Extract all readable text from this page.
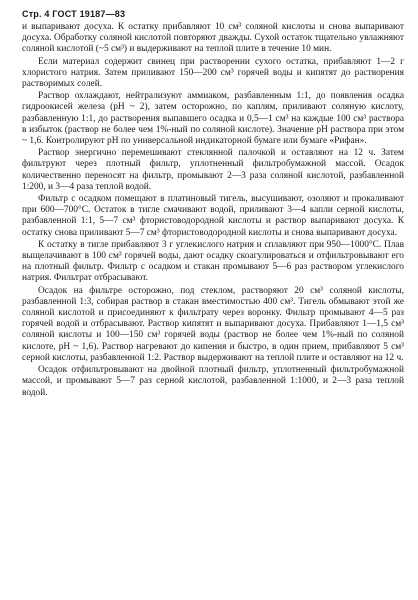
Стр. 4 ГОСТ 19187—83

и выпаривают досуха. К остатку прибавляют 10 см³ соляной кислоты и снова выпаривают досуха. Обработку соляной кислотой повторяют дважды. Сухой остаток тщательно увлажняют соляной кислотой (~5 см³) и выдерживают на теплой плите в течение 10 мин.

Если материал содержит свинец при растворении сухого остатка, прибавляют 1—2 г хлористого натрия. Затем приливают 150—200 см³ горячей воды и кипятят до растворения растворимых солей.

Раствор охлаждают, нейтрализуют аммиаком, разбавленным 1:1, до появления осадка гидроокисей железа (pH ~ 2), затем осторожно, по каплям, приливают соляную кислоту, разбавленную 1:1, до растворения выпавшего осадка и 0,5—1 см³ на каждые 100 см³ раствора в избыток (раствор не более чем 1%-ный по соляной кислоте). Значение pH раствора при этом ~ 1,6. Контролируют pH по универсальной индикаторной бумаге или бумаге «Рифан».

Раствор энергично перемешивают стеклянной палочкой и оставляют на 12 ч. Затем фильтруют через плотный фильтр, уплотненный фильтробумажной массой. Осадок количественно переносят на фильтр, промывают 2—3 раза соляной кислотой, разбавленной 1:200, и 3—4 раза теплой водой.

Фильтр с осадком помещают в платиновый тигель, высушивают, озоляют и прокаливают при 600—700°С. Остаток в тигле смачивают водой, приливают 3—4 капли серной кислоты, разбавленной 1:1, 5—7 см³ фтористоводородной кислоты и раствор выпаривают досуха. К остатку снова приливают 5—7 см³ фтористоводородной кислоты и снова выпаривают досуха.

К остатку в тигле прибавляют 3 г углекислого натрия и сплавляют при 950—1000°С. Плав выщелачивают в 100 см³ горячей воды, дают осадку скоагулироваться и отфильтровывают его на плотный фильтр. Фильтр с осадком и стакан промывают 5—6 раз раствором углекислого натрия. Фильтрат отбрасывают.

Осадок на фильтре осторожно, под стеклом, растворяют 20 см³ соляной кислоты, разбавленной 1:3, собирая раствор в стакан вместимостью 400 см³. Тигель обмывают этой же соляной кислотой и присоединяют к фильтрату через воронку. Фильтр промывают 4—5 раз горячей водой и отбрасывают. Раствор кипятят и выпаривают досуха. Прибавляют 1—1,5 см³ соляной кислоты и 100—150 см³ горячей воды (раствор не более чем 1%-ный по соляной кислоте, pH ~ 1,6). Раствор нагревают до кипения и быстро, в один прием, прибавляют 5 см³ серной кислоты, разбавленной 1:2. Раствор выдерживают на теплой плите и оставляют на 12 ч.

Осадок отфильтровывают на двойной плотный фильтр, уплотненный фильтробумажной массой, и промывают 5—7 раз серной кислотой, разбавленной 1:1000, и 2—3 раза теплой водой.
